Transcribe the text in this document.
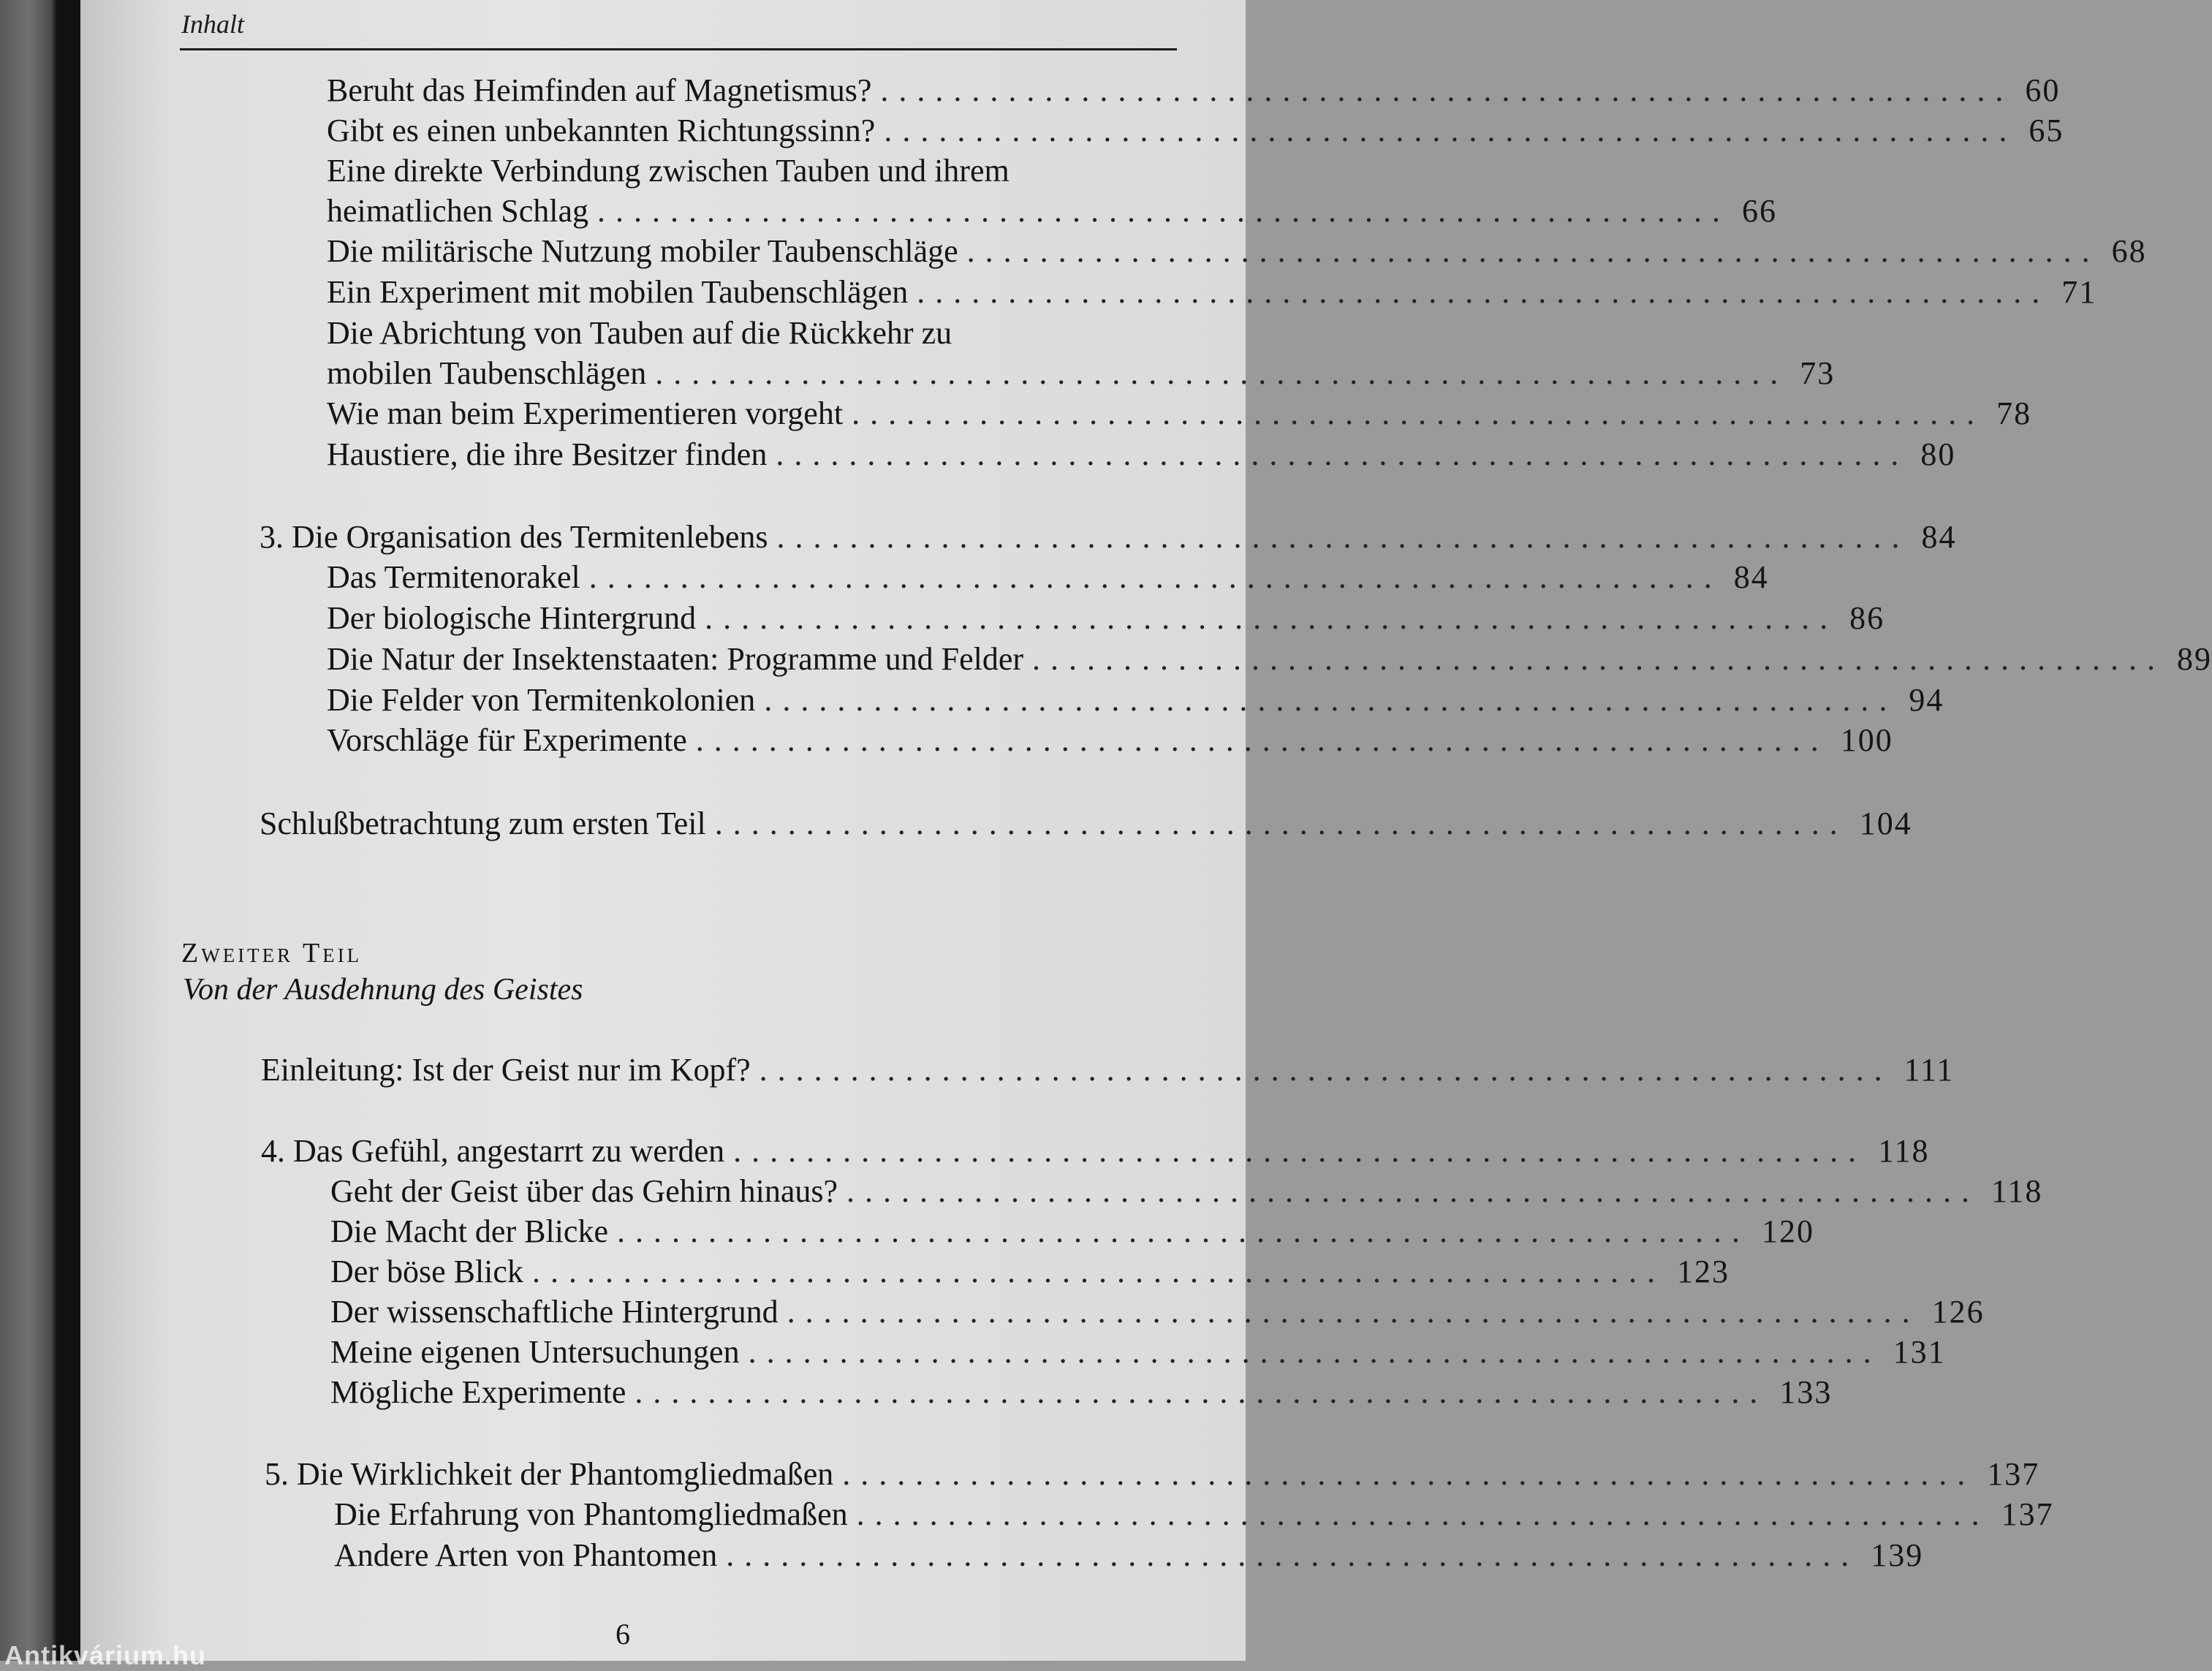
Inhalt
Beruht das Heimfinden auf Magnetismus? .............................................................. 60
Gibt es einen unbekannten Richtungssinn? .............................................................. 65
Eine direkte Verbindung zwischen Tauben und ihrem
heimatlichen Schlag .............................................................. 66
Die militärische Nutzung mobiler Taubenschläge .............................................................. 68
Ein Experiment mit mobilen Taubenschlägen .............................................................. 71
Die Abrichtung von Tauben auf die Rückkehr zu
mobilen Taubenschlägen .............................................................. 73
Wie man beim Experimentieren vorgeht .............................................................. 78
Haustiere, die ihre Besitzer finden .............................................................. 80
3. Die Organisation des Termitenlebens .............................................................. 84
Das Termitenorakel .............................................................. 84
Der biologische Hintergrund .............................................................. 86
Die Natur der Insektenstaaten: Programme und Felder .............................................................. 89
Die Felder von Termitenkolonien .............................................................. 94
Vorschläge für Experimente .............................................................. 100
Schlußbetrachtung zum ersten Teil .............................................................. 104
Zweiter Teil
Von der Ausdehnung des Geistes
Einleitung: Ist der Geist nur im Kopf? .............................................................. 111
4. Das Gefühl, angestarrt zu werden .............................................................. 118
Geht der Geist über das Gehirn hinaus? .............................................................. 118
Die Macht der Blicke .............................................................. 120
Der böse Blick .............................................................. 123
Der wissenschaftliche Hintergrund .............................................................. 126
Meine eigenen Untersuchungen .............................................................. 131
Mögliche Experimente .............................................................. 133
5. Die Wirklichkeit der Phantomgliedmaßen .............................................................. 137
Die Erfahrung von Phantomgliedmaßen .............................................................. 137
Andere Arten von Phantomen .............................................................. 139
6
Antikvárium.hu
